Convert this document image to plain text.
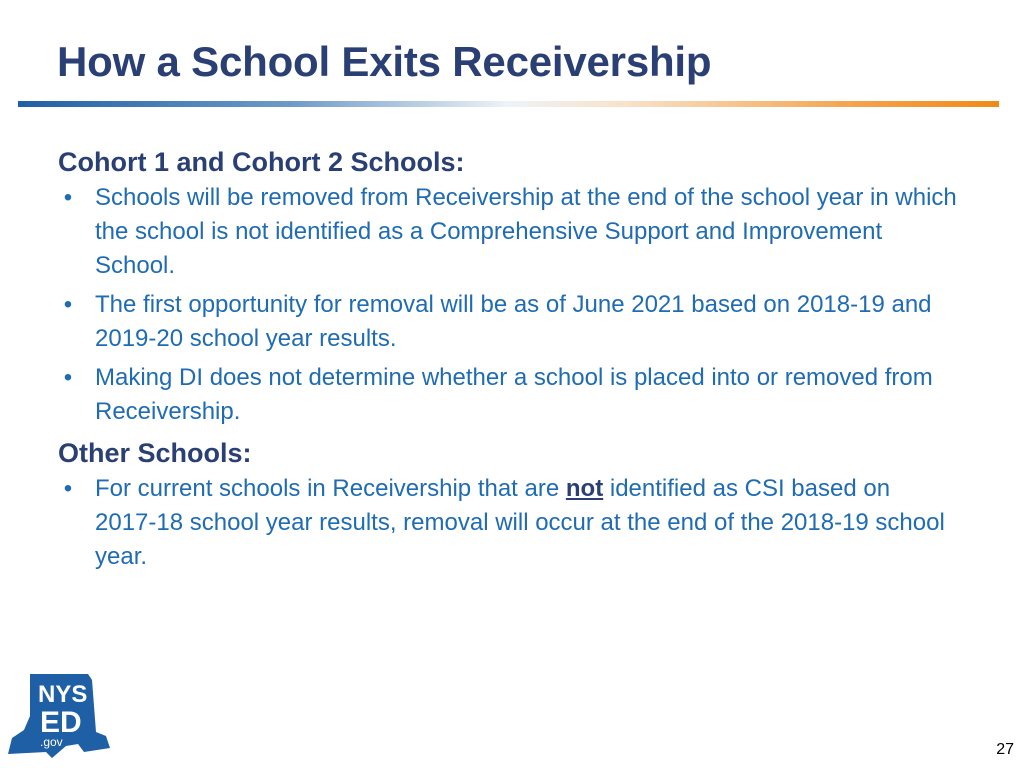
How a School Exits Receivership
Cohort 1 and Cohort 2 Schools:
• Schools will be removed from Receivership at the end of the school year in which the school is not identified as a Comprehensive Support and Improvement School.
• The first opportunity for removal will be as of June 2021 based on 2018-19 and 2019-20 school year results.
• Making DI does not determine whether a school is placed into or removed from Receivership.
Other Schools:
• For current schools in Receivership that are not identified as CSI based on 2017-18 school year results, removal will occur at the end of the 2018-19 school year.
NYS
ED
.gov	27
